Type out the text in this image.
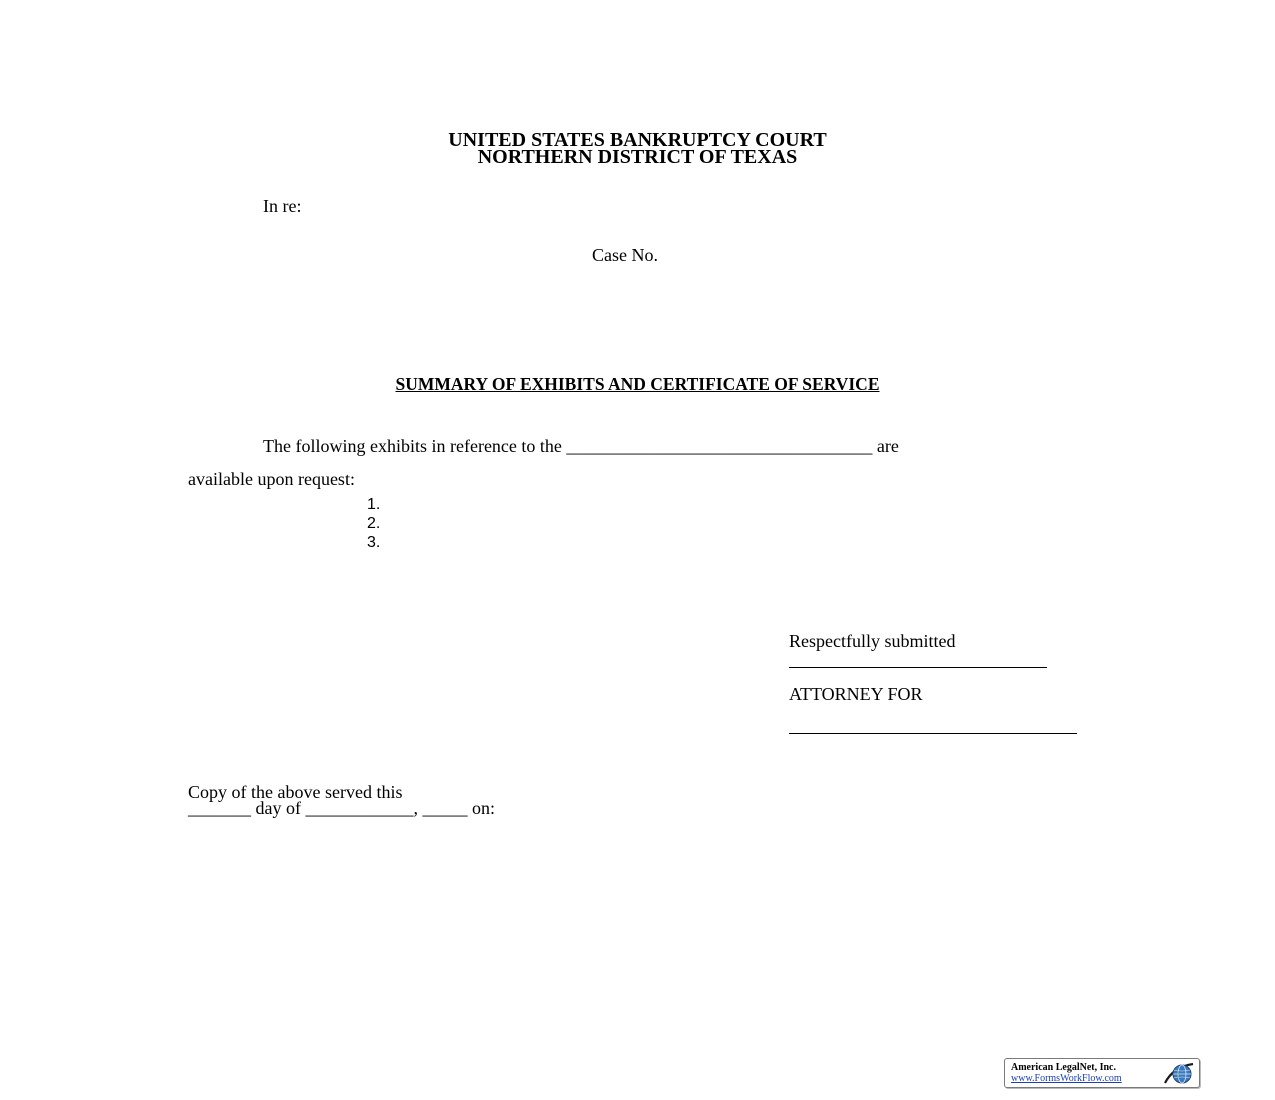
UNITED STATES BANKRUPTCY COURT
NORTHERN DISTRICT OF TEXAS
In re:
Case No.
SUMMARY OF EXHIBITS AND CERTIFICATE OF SERVICE
The following exhibits in reference to the __________________________________ are
available upon request:
1.
2.
3.
Respectfully submitted
ATTORNEY FOR
Copy of the above served this
_______ day of ____________, _____ on:
American LegalNet, Inc.
www.FormsWorkFlow.com
